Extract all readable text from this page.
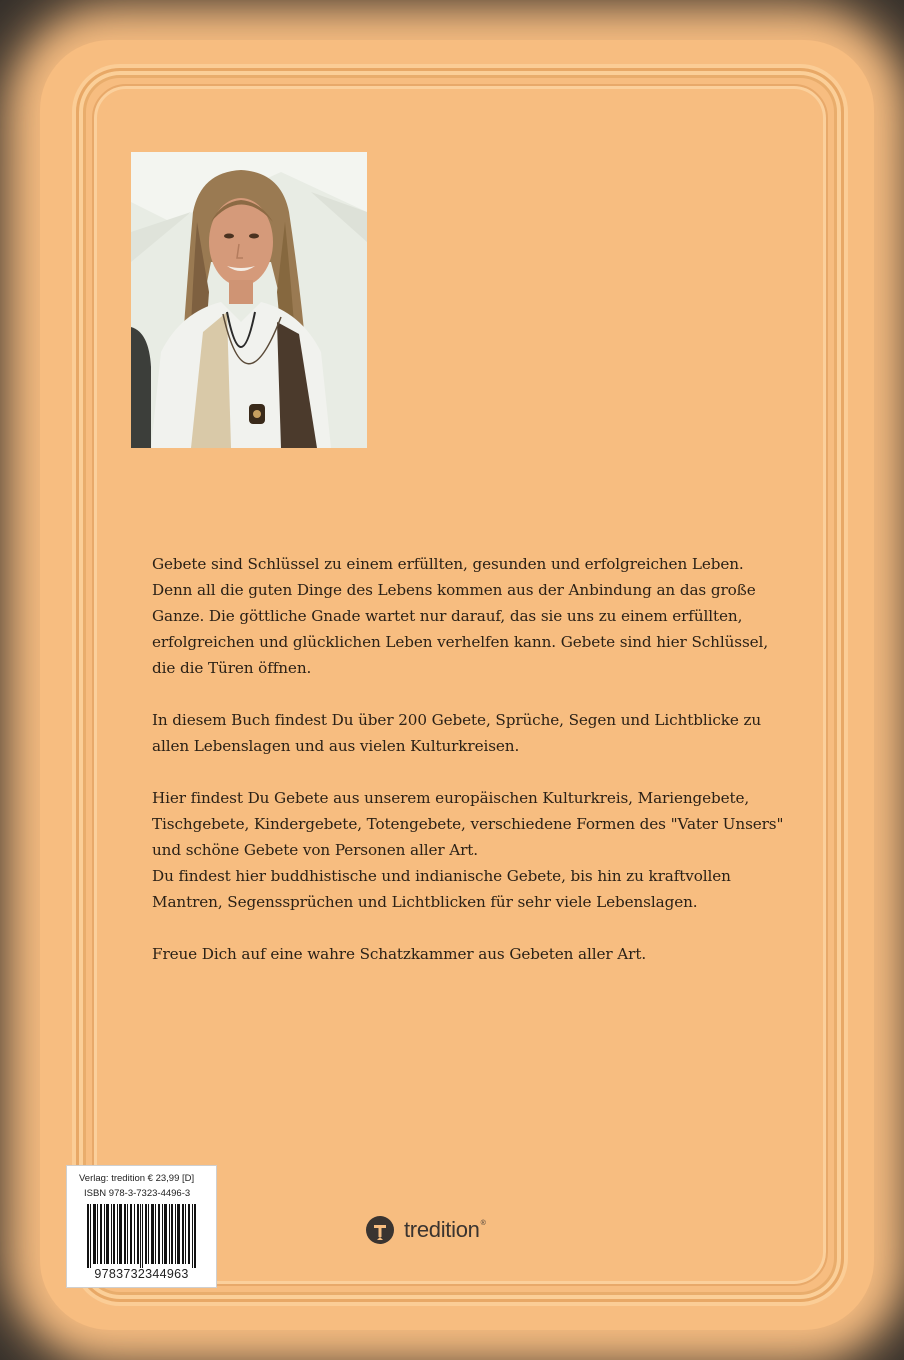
Gebete sind Schlüssel zu einem erfüllten, gesunden und erfolgreichen Leben.
Denn all die guten Dinge des Lebens kommen aus der Anbindung an das große
Ganze. Die göttliche Gnade wartet nur darauf, das sie uns zu einem erfüllten,
erfolgreichen und glücklichen Leben verhelfen kann. Gebete sind hier Schlüssel,
die die Türen öffnen.

In diesem Buch findest Du über 200 Gebete, Sprüche, Segen und Lichtblicke zu
allen Lebenslagen und aus vielen Kulturkreisen.

Hier findest Du Gebete aus unserem europäischen Kulturkreis, Mariengebete,
Tischgebete, Kindergebete, Totengebete, verschiedene Formen des "Vater Unsers"
und schöne Gebete von Personen aller Art.

Du findest hier buddhistische und indianische Gebete, bis hin zu kraftvollen
Mantren, Segenssprüchen und Lichtblicken für sehr viele Lebenslagen.

Freue Dich auf eine wahre Schatzkammer aus Gebeten aller Art.

Verlag: tredition € 23,99 [D]
ISBN 978-3-7323-4496-3
9783732344963
tredition®
